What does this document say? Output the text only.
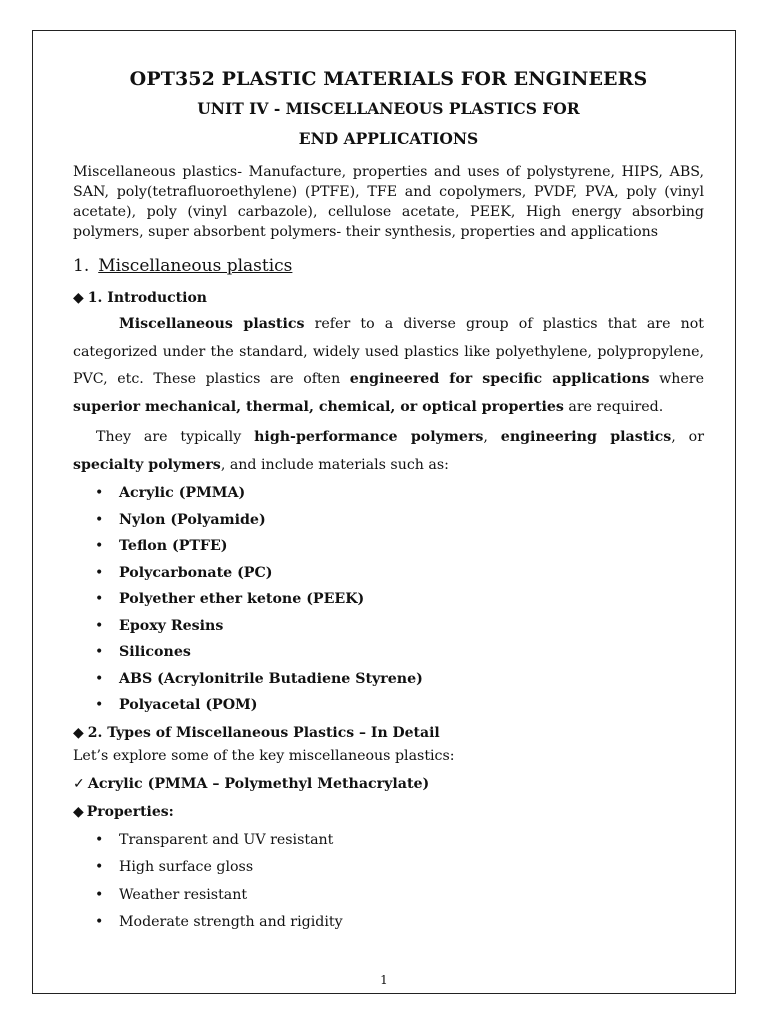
OPT352 PLASTIC MATERIALS FOR ENGINEERS
UNIT IV - MISCELLANEOUS PLASTICS FOR
END APPLICATIONS

Miscellaneous plastics- Manufacture, properties and uses of polystyrene, HIPS, ABS, SAN, poly(tetrafluoroethylene) (PTFE), TFE and copolymers, PVDF, PVA, poly (vinyl acetate), poly (vinyl carbazole), cellulose acetate, PEEK, High energy absorbing polymers, super absorbent polymers- their synthesis, properties and applications

1. Miscellaneous plastics
◆ 1. Introduction

Miscellaneous plastics refer to a diverse group of plastics that are not categorized under the standard, widely used plastics like polyethylene, polypropylene, PVC, etc. These plastics are often engineered for specific applications where superior mechanical, thermal, chemical, or optical properties are required.

They are typically high-performance polymers, engineering plastics, or specialty polymers, and include materials such as:

• Acrylic (PMMA)
• Nylon (Polyamide)
• Teflon (PTFE)
• Polycarbonate (PC)
• Polyether ether ketone (PEEK)
• Epoxy Resins
• Silicones
• ABS (Acrylonitrile Butadiene Styrene)
• Polyacetal (POM)
◆ 2. Types of Miscellaneous Plastics – In Detail

Let’s explore some of the key miscellaneous plastics:

✓ Acrylic (PMMA – Polymethyl Methacrylate)

◆ Properties:

• Transparent and UV resistant
• High surface gloss
• Weather resistant
• Moderate strength and rigidity
1
